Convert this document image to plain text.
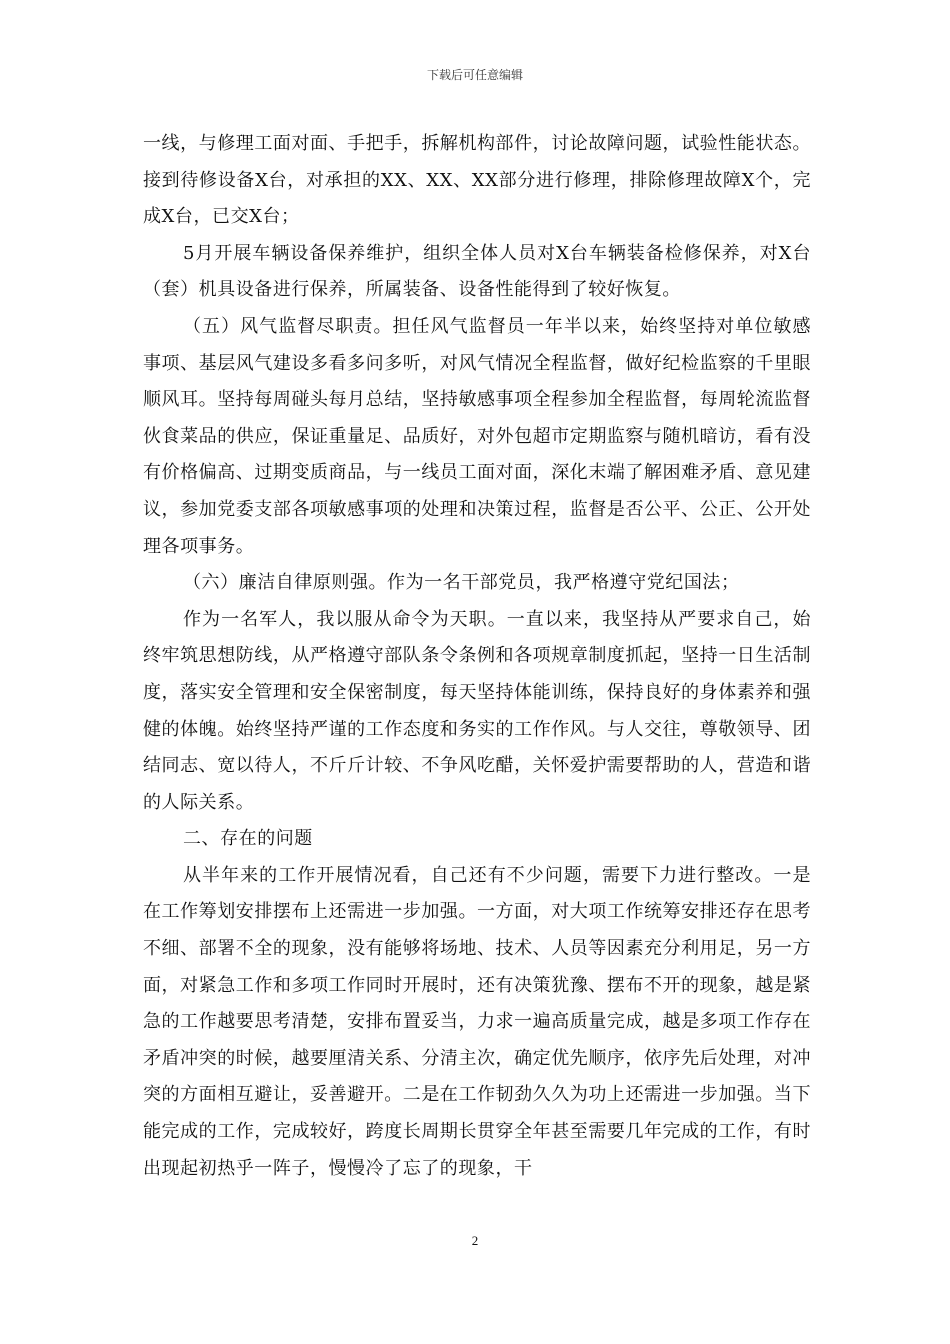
下载后可任意编辑

一线，与修理工面对面、手把手，拆解机构部件，讨论故障问题，试验性能状态。接到待修设备X台，对承担的XX、XX、XX部分进行修理，排除修理故障X个，完成X台，已交X台；

5月开展车辆设备保养维护，组织全体人员对X台车辆装备检修保养，对X台（套）机具设备进行保养，所属装备、设备性能得到了较好恢复。

（五）风气监督尽职责。担任风气监督员一年半以来，始终坚持对单位敏感事项、基层风气建设多看多问多听，对风气情况全程监督，做好纪检监察的千里眼顺风耳。坚持每周碰头每月总结，坚持敏感事项全程参加全程监督，每周轮流监督伙食菜品的供应，保证重量足、品质好，对外包超市定期监察与随机暗访，看有没有价格偏高、过期变质商品，与一线员工面对面，深化末端了解困难矛盾、意见建议，参加党委支部各项敏感事项的处理和决策过程，监督是否公平、公正、公开处理各项事务。

（六）廉洁自律原则强。作为一名干部党员，我严格遵守党纪国法；

作为一名军人，我以服从命令为天职。一直以来，我坚持从严要求自己，始终牢筑思想防线，从严格遵守部队条令条例和各项规章制度抓起，坚持一日生活制度，落实安全管理和安全保密制度，每天坚持体能训练，保持良好的身体素养和强健的体魄。始终坚持严谨的工作态度和务实的工作作风。与人交往，尊敬领导、团结同志、宽以待人，不斤斤计较、不争风吃醋，关怀爱护需要帮助的人，营造和谐的人际关系。

二、存在的问题

从半年来的工作开展情况看，自己还有不少问题，需要下力进行整改。一是在工作筹划安排摆布上还需进一步加强。一方面，对大项工作统筹安排还存在思考不细、部署不全的现象，没有能够将场地、技术、人员等因素充分利用足，另一方面，对紧急工作和多项工作同时开展时，还有决策犹豫、摆布不开的现象，越是紧急的工作越要思考清楚，安排布置妥当，力求一遍高质量完成，越是多项工作存在矛盾冲突的时候，越要厘清关系、分清主次，确定优先顺序，依序先后处理，对冲突的方面相互避让，妥善避开。二是在工作韧劲久久为功上还需进一步加强。当下能完成的工作，完成较好，跨度长周期长贯穿全年甚至需要几年完成的工作，有时出现起初热乎一阵子，慢慢冷了忘了的现象，干

2
